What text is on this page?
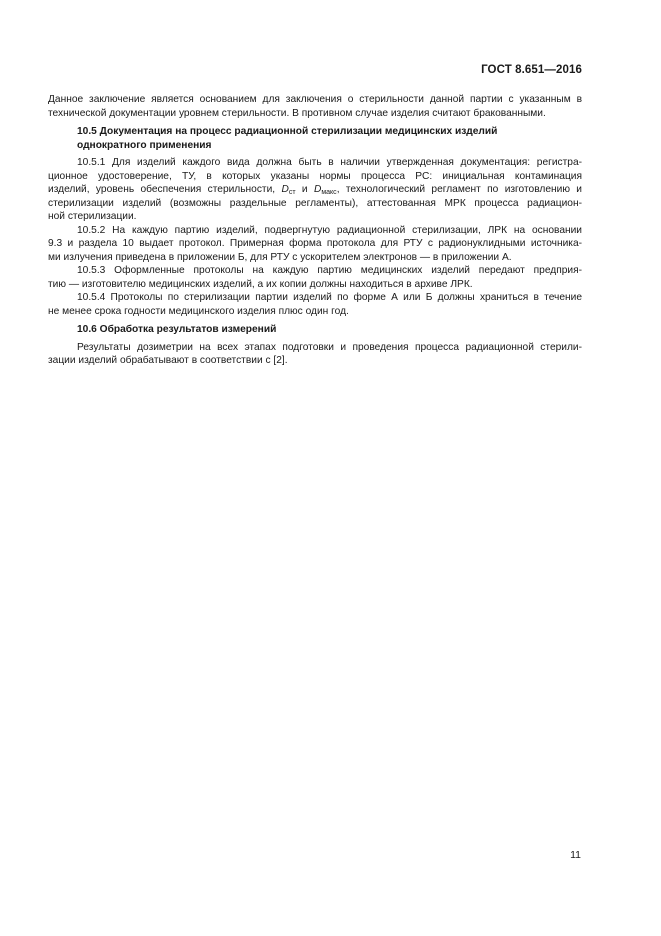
ГОСТ 8.651—2016
Данное заключение является основанием для заключения о стерильности данной партии с указанным в
технической документации уровнем стерильности. В противном случае изделия считают бракованными.
10.5 Документация на процесс радиационной стерилизации медицинских изделий
однократного применения
10.5.1 Для изделий каждого вида должна быть в наличии утвержденная документация: регистра-
ционное удостоверение, ТУ, в которых указаны нормы процесса РС: инициальная контаминация
изделий, уровень обеспечения стерильности, $D_{ст}$ и $D_{макс}$, технологический регламент по изготовлению и
стерилизации изделий (возможны раздельные регламенты), аттестованная МРК процесса радиацион-
ной стерилизации.
10.5.2 На каждую партию изделий, подвергнутую радиационной стерилизации, ЛРК на основании
9.3 и раздела 10 выдает протокол. Примерная форма протокола для РТУ с радионуклидными источника-
ми излучения приведена в приложении Б, для РТУ с ускорителем электронов — в приложении А.
10.5.3 Оформленные протоколы на каждую партию медицинских изделий передают предприя-
тию — изготовителю медицинских изделий, а их копии должны находиться в архиве ЛРК.
10.5.4 Протоколы по стерилизации партии изделий по форме А или Б должны храниться в течение
не менее срока годности медицинского изделия плюс один год.
10.6 Обработка результатов измерений
Результаты дозиметрии на всех этапах подготовки и проведения процесса радиационной стерили-
зации изделий обрабатывают в соответствии с [2].
11
